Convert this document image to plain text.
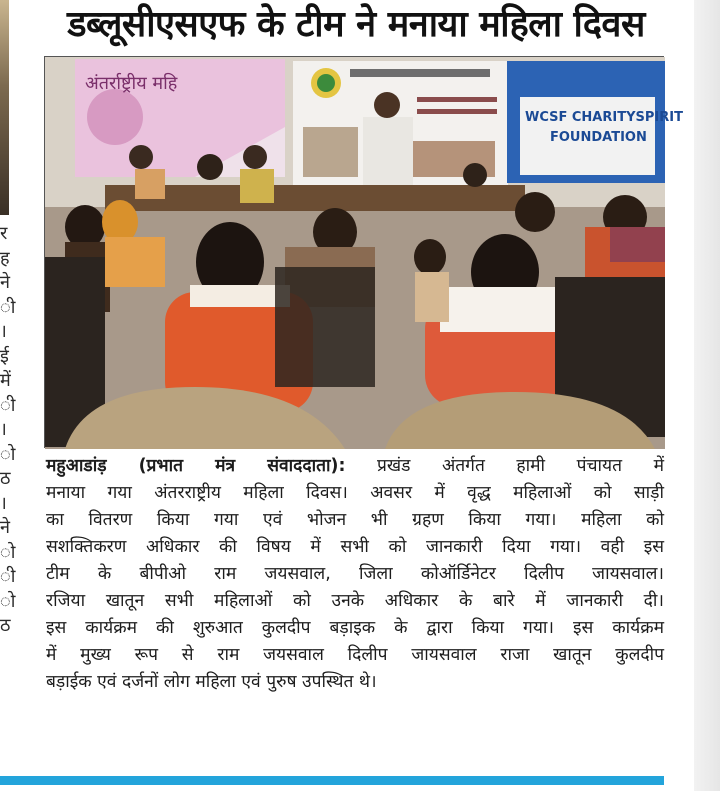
र
ह
ने
ी
।
ई
में
ी
।
ो
ठ
।
ने
ो
ी
ो
ठ
डब्लूसीएसएफ के टीम ने मनाया महिला दिवस
अंतर्राष्ट्रीय महि
WCSF CHARITYSPIRIT
FOUNDATION
महुआडांड़ (प्रभात मंत्र संवाददाता): प्रखंड अंतर्गत हामी पंचायत में
मनाया गया अंतरराष्ट्रीय महिला दिवस। अवसर में वृद्ध महिलाओं को साड़ी
का वितरण किया गया एवं भोजन भी ग्रहण किया गया। महिला को
सशक्तिकरण अधिकार की विषय में सभी को जानकारी दिया गया। वही इस
टीम के बीपीओ राम जयसवाल, जिला कोऑर्डिनेटर दिलीप जायसवाल।
रजिया खातून सभी महिलाओं को उनके अधिकार के बारे में जानकारी दी।
इस कार्यक्रम की शुरुआत कुलदीप बड़ाइक के द्वारा किया गया। इस कार्यक्रम
में मुख्य रूप से राम जयसवाल दिलीप जायसवाल राजा खातून कुलदीप
बड़ाईक एवं दर्जनों लोग महिला एवं पुरुष उपस्थित थे।
